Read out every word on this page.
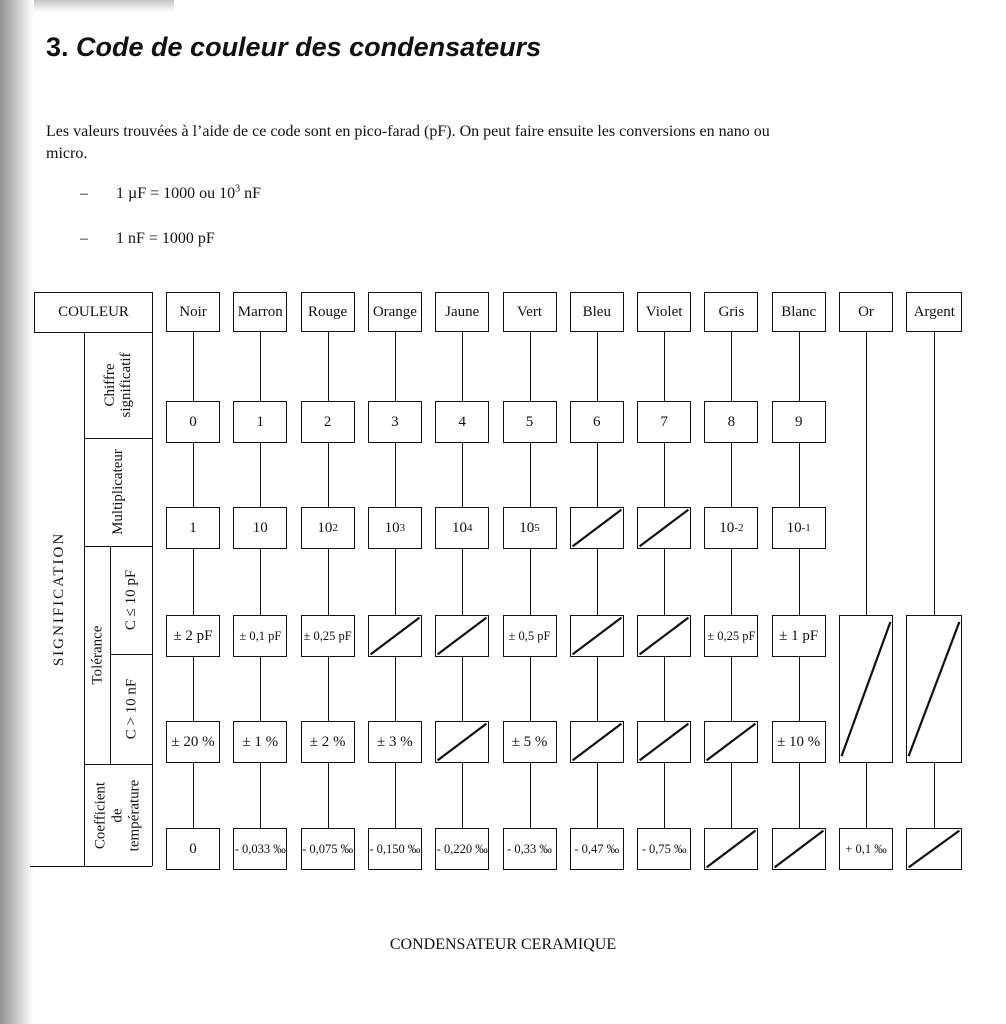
3. Code de couleur des condensateurs
Les valeurs trouvées à l’aide de ce code sont en pico-farad (pF). On peut faire ensuite les conversions en nano ou
micro.
– 1 µF = 1000 ou $10^3$ nF
– 1 nF = 1000 pF
COULEUR
SIGNIFICATION
Chiffre significatif
Multiplicateur
Tolérance
C ≤ 10 pF
C > 10 nF
Coefficient de température
Noir
0
1
± 2 pF
± 20 %
0
Marron
1
10
± 0,1 pF
± 1 %
- 0,033 ‰
Rouge
2
10 2
± 0,25 pF
± 2 %
- 0,075 ‰
Orange
3
10 3
± 3 %
- 0,150 ‰
Jaune
4
10 4
- 0,220 ‰
Vert
5
10 5
± 0,5 pF
± 5 %
- 0,33 ‰
Bleu
6
- 0,47 ‰
Violet
7
- 0,75 ‰
Gris
8
10 -2
± 0,25 pF
Blanc
9
10 -1
± 1 pF
± 10 %
Or
+ 0,1 ‰
Argent
CONDENSATEUR CERAMIQUE
